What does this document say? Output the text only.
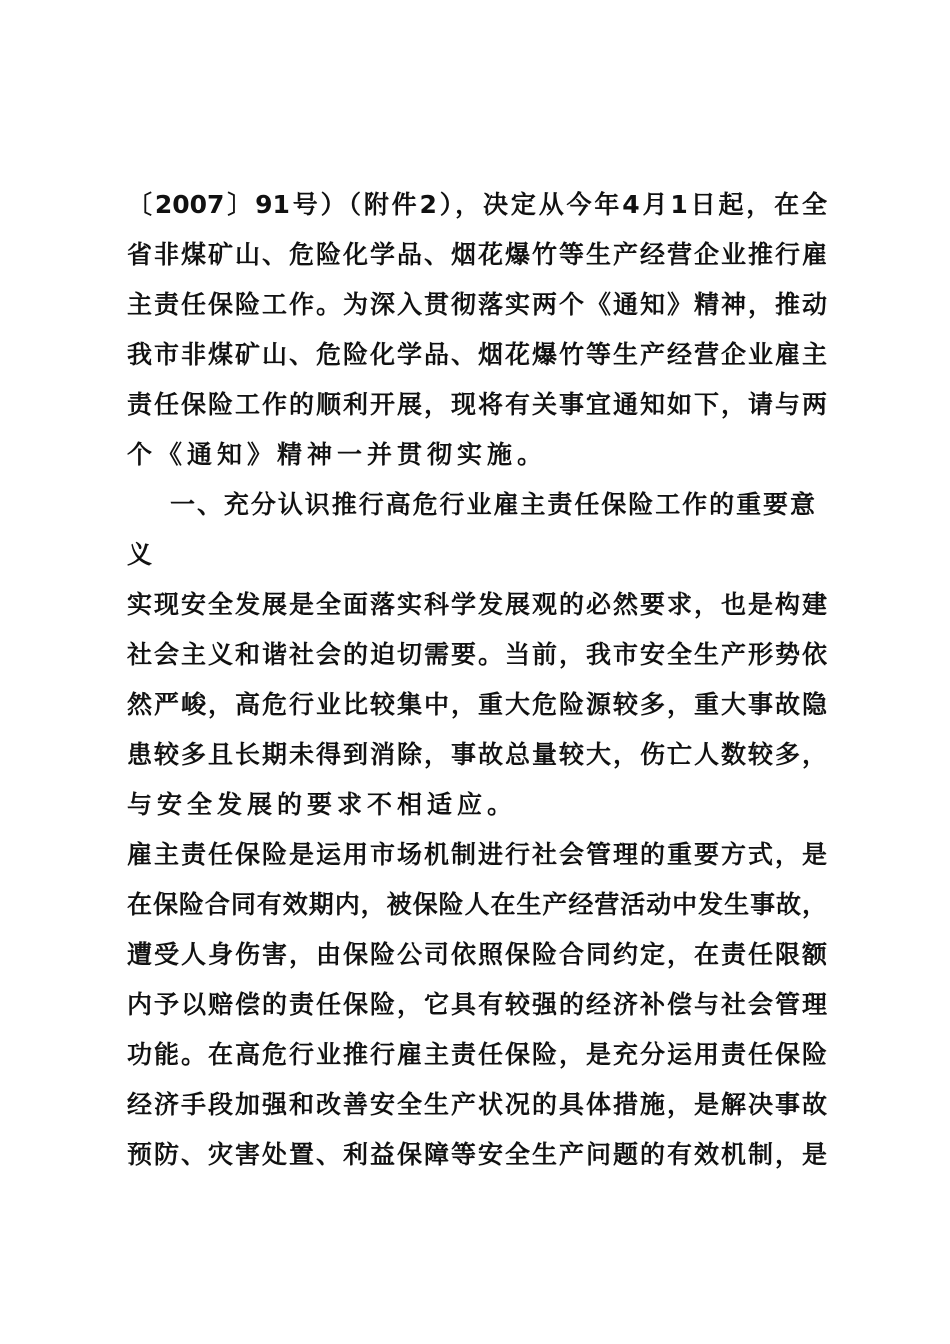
〔2007〕91号）（附件2），决定从今年4月1日起，在全
省非煤矿山、危险化学品、烟花爆竹等生产经营企业推行雇
主责任保险工作。为深入贯彻落实两个《通知》精神，推动
我市非煤矿山、危险化学品、烟花爆竹等生产经营企业雇主
责任保险工作的顺利开展，现将有关事宜通知如下，请与两
个《通知》精神一并贯彻实施。
一、充分认识推行高危行业雇主责任保险工作的重要意
义
实现安全发展是全面落实科学发展观的必然要求，也是构建
社会主义和谐社会的迫切需要。当前，我市安全生产形势依
然严峻，高危行业比较集中，重大危险源较多，重大事故隐
患较多且长期未得到消除，事故总量较大，伤亡人数较多，
与安全发展的要求不相适应。
雇主责任保险是运用市场机制进行社会管理的重要方式，是
在保险合同有效期内，被保险人在生产经营活动中发生事故，
遭受人身伤害，由保险公司依照保险合同约定，在责任限额
内予以赔偿的责任保险，它具有较强的经济补偿与社会管理
功能。在高危行业推行雇主责任保险，是充分运用责任保险
经济手段加强和改善安全生产状况的具体措施，是解决事故
预防、灾害处置、利益保障等安全生产问题的有效机制，是
